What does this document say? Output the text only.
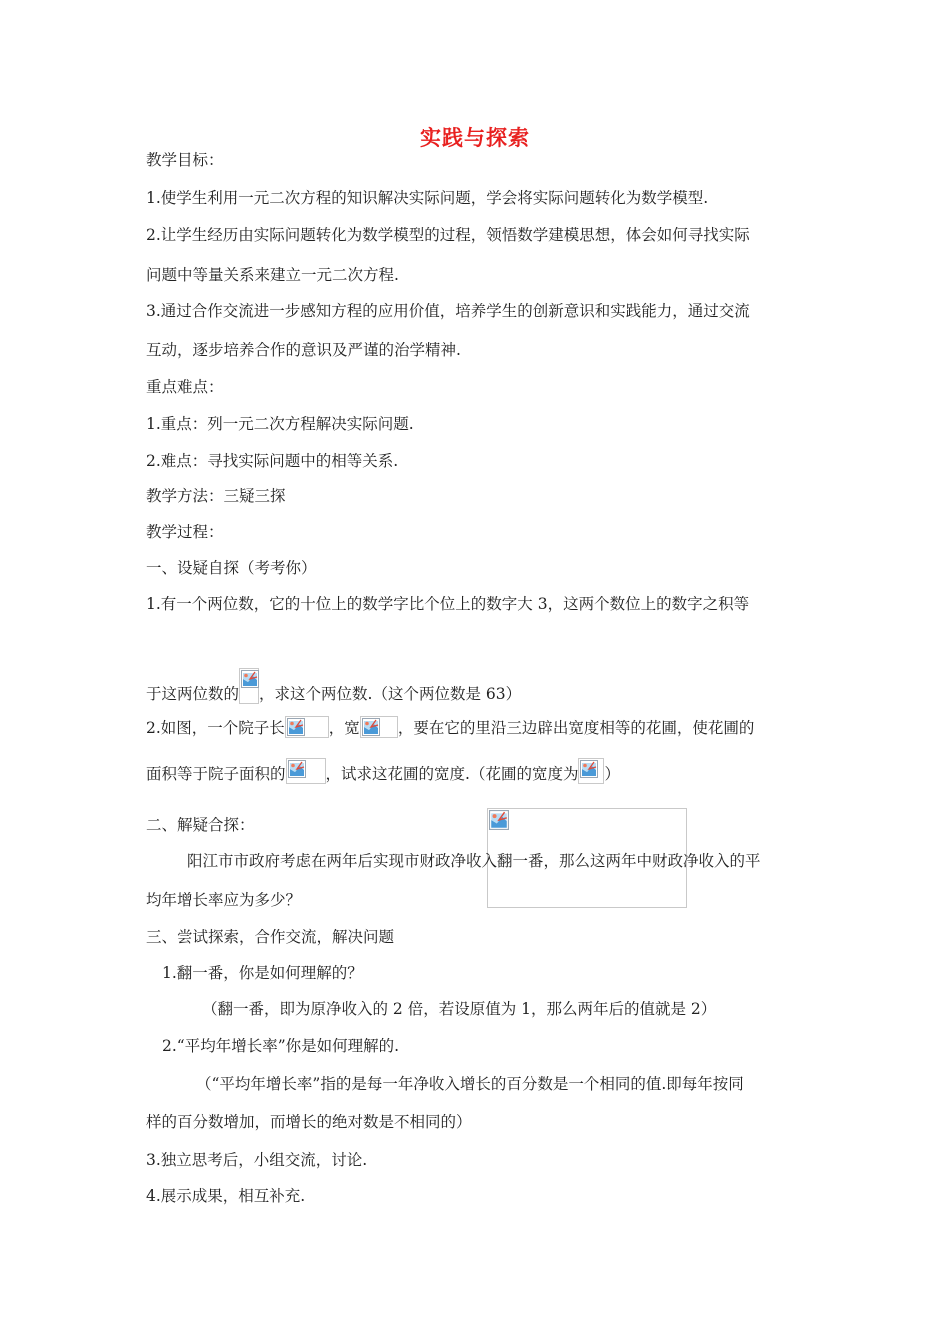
实践与探索
教学目标：
1.使学生利用一元二次方程的知识解决实际问题，学会将实际问题转化为数学模型.
2.让学生经历由实际问题转化为数学模型的过程，领悟数学建模思想，体会如何寻找实际
问题中等量关系来建立一元二次方程.
3.通过合作交流进一步感知方程的应用价值，培养学生的创新意识和实践能力，通过交流
互动，逐步培养合作的意识及严谨的治学精神.
重点难点：
1.重点：列一元二次方程解决实际问题.
2.难点：寻找实际问题中的相等关系.
教学方法：三疑三探
教学过程：
一、设疑自探（考考你）
1.有一个两位数，它的十位上的数学字比个位上的数字大 3，这两个数位上的数字之积等
于这两位数的 ，求这个两位数.（这个两位数是 63）
2.如图，一个院子长	，宽 ，要在它的里沿三边辟出宽度相等的花圃，使花圃的
面积等于院子面积的	，试求这花圃的宽度.（花圃的宽度为 ）
二、解疑合探：
阳江市市政府考虑在两年后实现市财政净收入翻一番，那么这两年中财政净收入的平
均年增长率应为多少？
三、尝试探索，合作交流，解决问题
1.翻一番，你是如何理解的？
（翻一番，即为原净收入的 2 倍，若设原值为 1，那么两年后的值就是 2）
2.“平均年增长率”你是如何理解的.
（“平均年增长率”指的是每一年净收入增长的百分数是一个相同的值.即每年按同
样的百分数增加，而增长的绝对数是不相同的）
3.独立思考后，小组交流，讨论.
4.展示成果，相互补充.
